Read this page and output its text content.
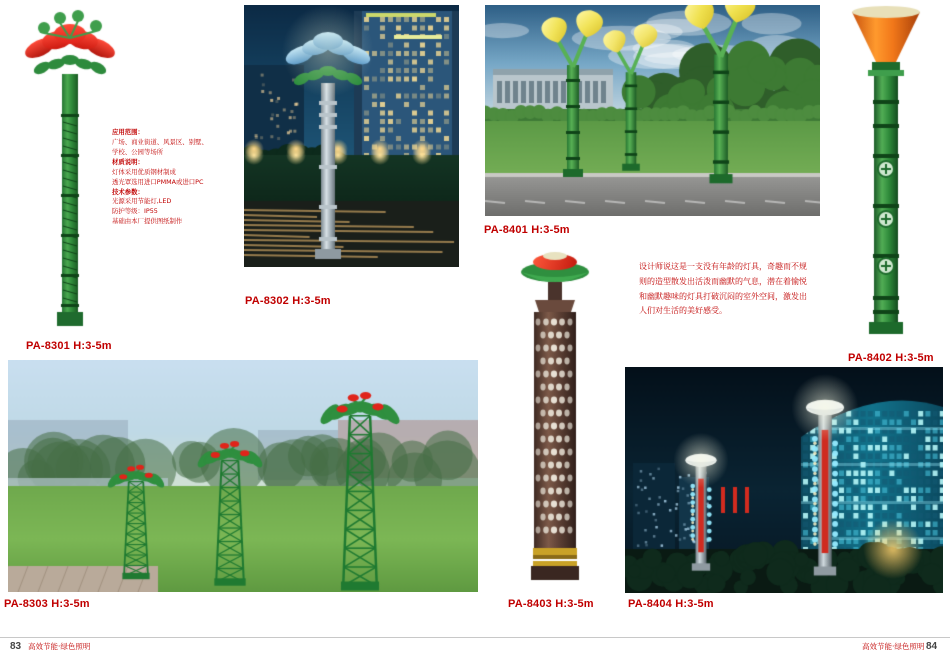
应用范围：
广场、商业街道、风景区、别墅、
学校、公园等场所
材质说明：
灯体采用优质钢材制成
透光罩选用进口PMMA或进口PC
技术参数：
光源采用节能灯,LED
防护等级：IP55
基础由本厂提供图纸制作
PA-8301 H:3-5m
PA-8302 H:3-5m
PA-8401 H:3-5m
PA-8402 H:3-5m
设计师说这是一支没有年龄的灯具，奇趣而不规则的造型散发出活泼而幽默的气息，潜在着愉悦和幽默趣味的灯具打破沉闷的室外空间，激发出人们对生活的美好感受。
PA-8303 H:3-5m	PA-8403 H:3-5m	PA-8404 H:3-5m
83 高效节能·绿色照明	84
高效节能·绿色照明
